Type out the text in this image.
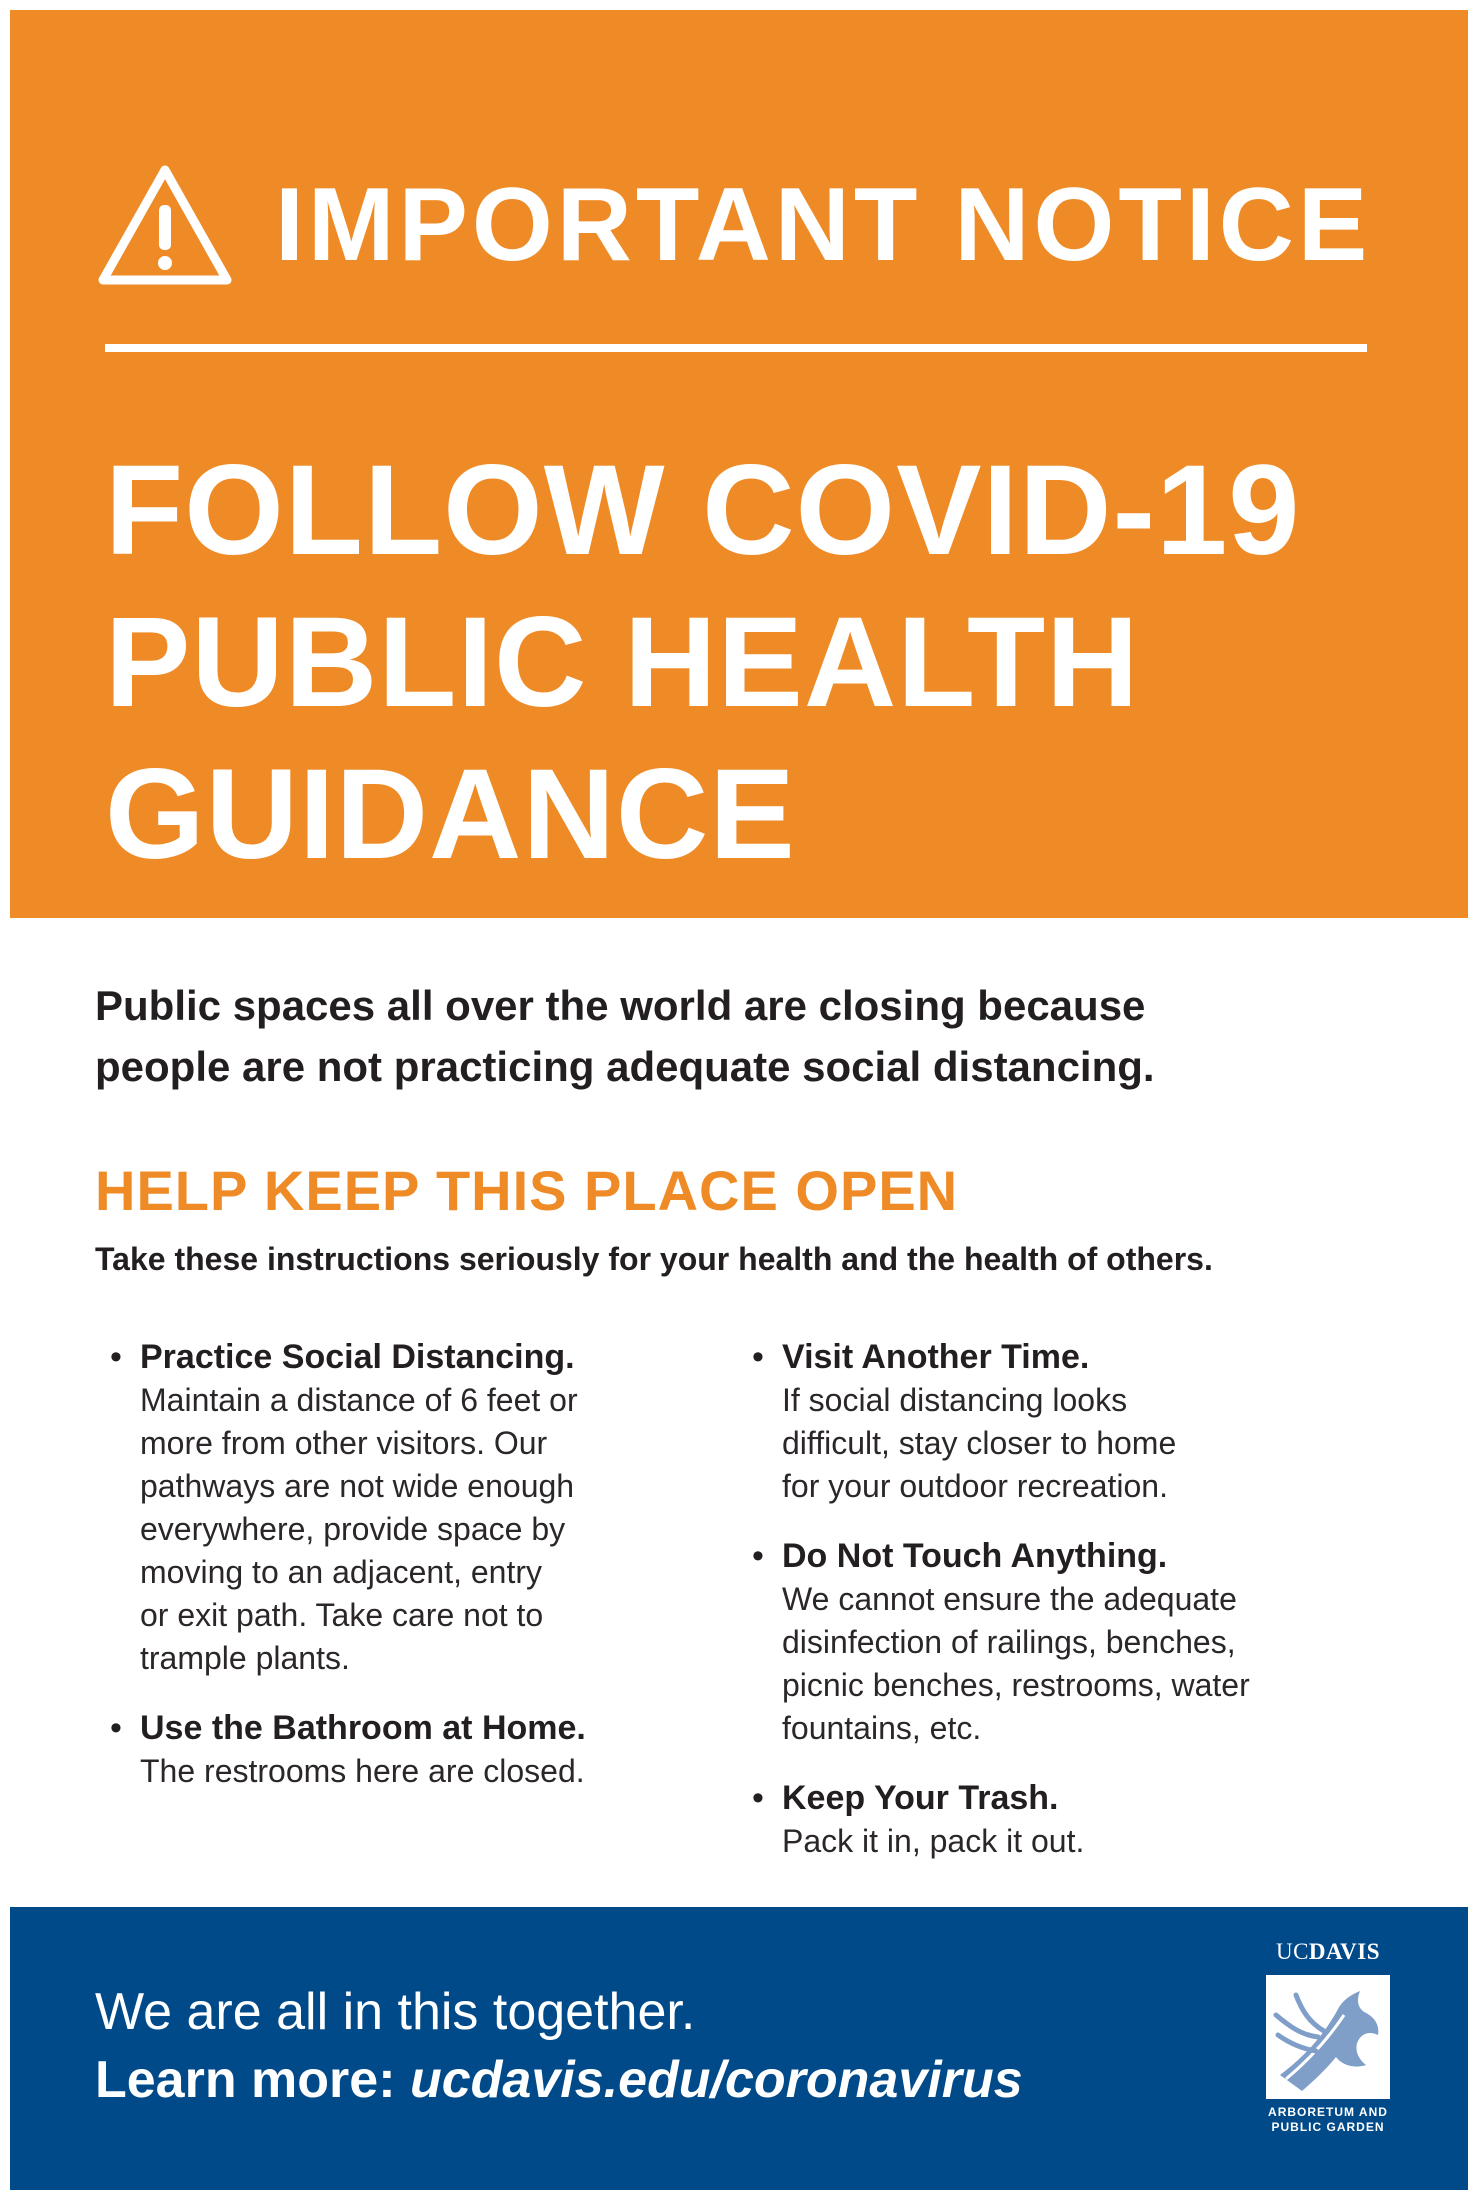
IMPORTANT NOTICE
FOLLOW COVID-19
PUBLIC HEALTH
GUIDANCE

Public spaces all over the world are closing because
people are not practicing adequate social distancing.

HELP KEEP THIS PLACE OPEN

Take these instructions seriously for your health and the health of others.

• Practice Social Distancing.
Maintain a distance of 6 feet or
more from other visitors. Our
pathways are not wide enough
everywhere, provide space by
moving to an adjacent, entry
or exit path. Take care not to
trample plants.
• Use the Bathroom at Home.
The restrooms here are closed.
• Visit Another Time.
If social distancing looks
difficult, stay closer to home
for your outdoor recreation.
• Do Not Touch Anything.
We cannot ensure the adequate
disinfection of railings, benches,
picnic benches, restrooms, water
fountains, etc.
• Keep Your Trash.
Pack it in, pack it out.

We are all in this together.

Learn more: ucdavis.edu/coronavirus

UCDAVIS
ARBORETUM AND
PUBLIC GARDEN
